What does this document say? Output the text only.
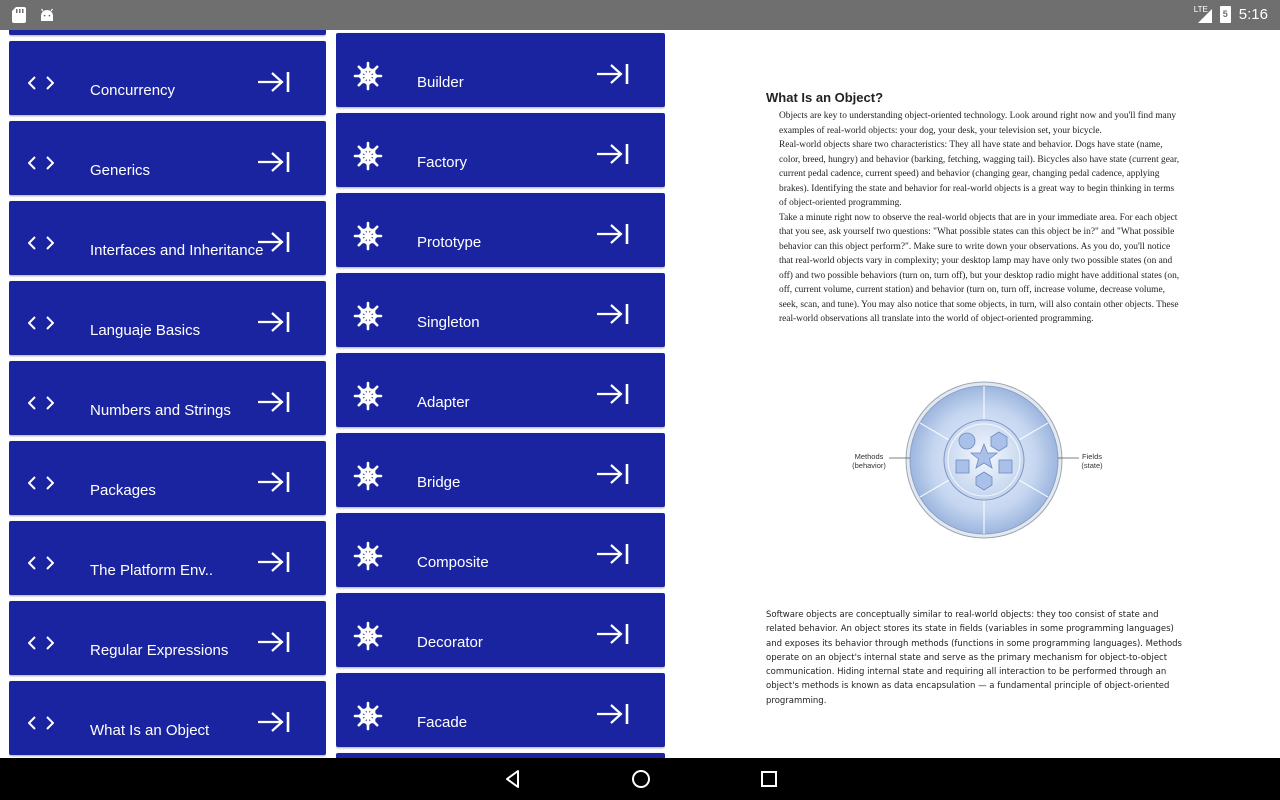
LTE 5 5:16
Concurrency
Generics
Interfaces and Inheritance
Languaje Basics
Numbers and Strings
Packages
The Platform Env..
Regular Expressions
What Is an Object
Builder
Factory
Prototype
Singleton
Adapter
Bridge
Composite
Decorator
Facade
What Is an Object?

Objects are key to understanding object-oriented technology. Look around right now and you'll find many examples of real-world objects: your dog, your desk, your television set, your bicycle.

Real-world objects share two characteristics: They all have state and behavior. Dogs have state (name, color, breed, hungry) and behavior (barking, fetching, wagging tail). Bicycles also have state (current gear, current pedal cadence, current speed) and behavior (changing gear, changing pedal cadence, applying brakes). Identifying the state and behavior for real-world objects is a great way to begin thinking in terms of object-oriented programming.

Take a minute right now to observe the real-world objects that are in your immediate area. For each object that you see, ask yourself two questions: "What possible states can this object be in?" and "What possible behavior can this object perform?". Make sure to write down your observations. As you do, you'll notice that real-world objects vary in complexity; your desktop lamp may have only two possible states (on and off) and two possible behaviors (turn on, turn off), but your desktop radio might have additional states (on, off, current volume, current station) and behavior (turn on, turn off, increase volume, decrease volume, seek, scan, and tune). You may also notice that some objects, in turn, will also contain other objects. These real-world observations all translate into the world of object-oriented programming.

Methods
(behavior)
Fields
(state)

Software objects are conceptually similar to real-world objects: they too consist of state and related behavior. An object stores its state in fields (variables in some programming languages) and exposes its behavior through methods (functions in some programming languages). Methods operate on an object's internal state and serve as the primary mechanism for object-to-object communication. Hiding internal state and requiring all interaction to be performed through an object's methods is known as data encapsulation — a fundamental principle of object-oriented programming.
